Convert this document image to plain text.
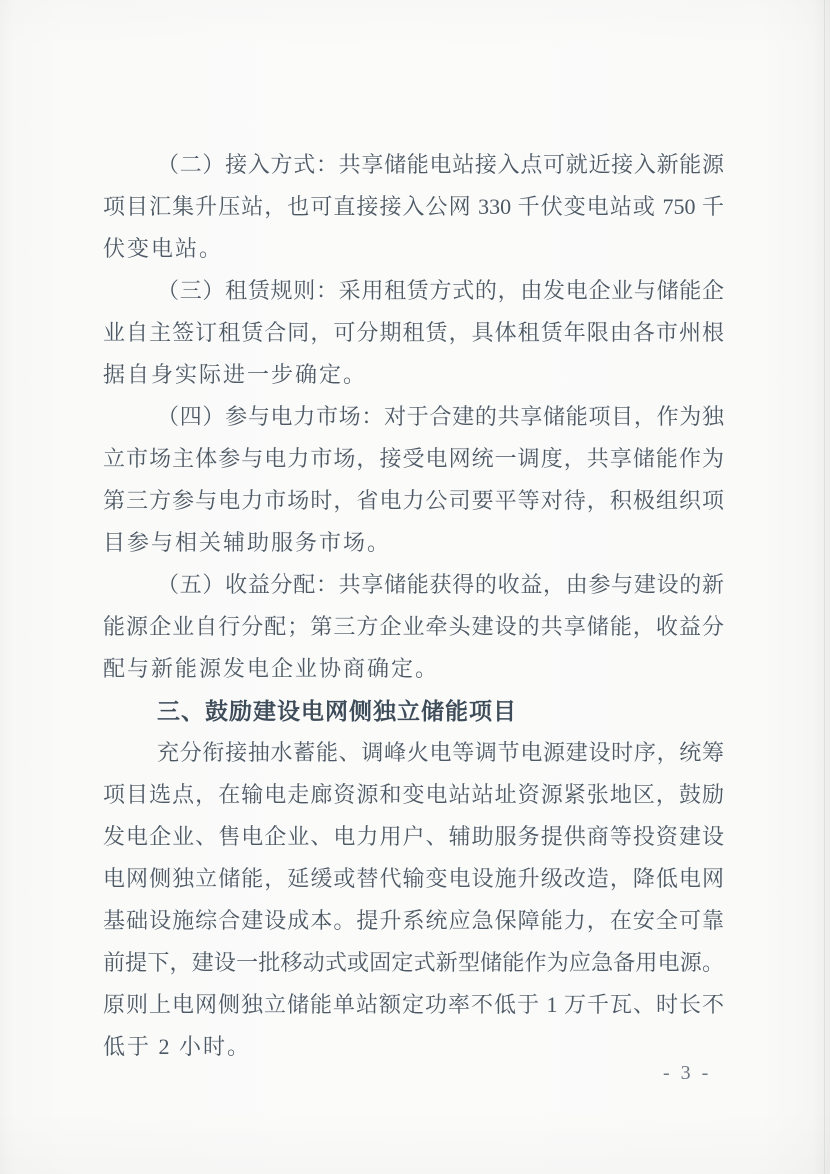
（二）接入方式：共享储能电站接入点可就近接入新能源
项目汇集升压站，也可直接接入公网 330 千伏变电站或 750 千
伏变电站。

（三）租赁规则：采用租赁方式的，由发电企业与储能企
业自主签订租赁合同，可分期租赁，具体租赁年限由各市州根
据自身实际进一步确定。

（四）参与电力市场：对于合建的共享储能项目，作为独
立市场主体参与电力市场，接受电网统一调度，共享储能作为
第三方参与电力市场时，省电力公司要平等对待，积极组织项
目参与相关辅助服务市场。

（五）收益分配：共享储能获得的收益，由参与建设的新
能源企业自行分配；第三方企业牵头建设的共享储能，收益分
配与新能源发电企业协商确定。

三、鼓励建设电网侧独立储能项目

充分衔接抽水蓄能、调峰火电等调节电源建设时序，统筹
项目选点，在输电走廊资源和变电站站址资源紧张地区，鼓励
发电企业、售电企业、电力用户、辅助服务提供商等投资建设
电网侧独立储能，延缓或替代输变电设施升级改造，降低电网
基础设施综合建设成本。提升系统应急保障能力，在安全可靠
前提下，建设一批移动式或固定式新型储能作为应急备用电源。
原则上电网侧独立储能单站额定功率不低于 1 万千瓦、时长不
低于 2 小时。

- 3 -
